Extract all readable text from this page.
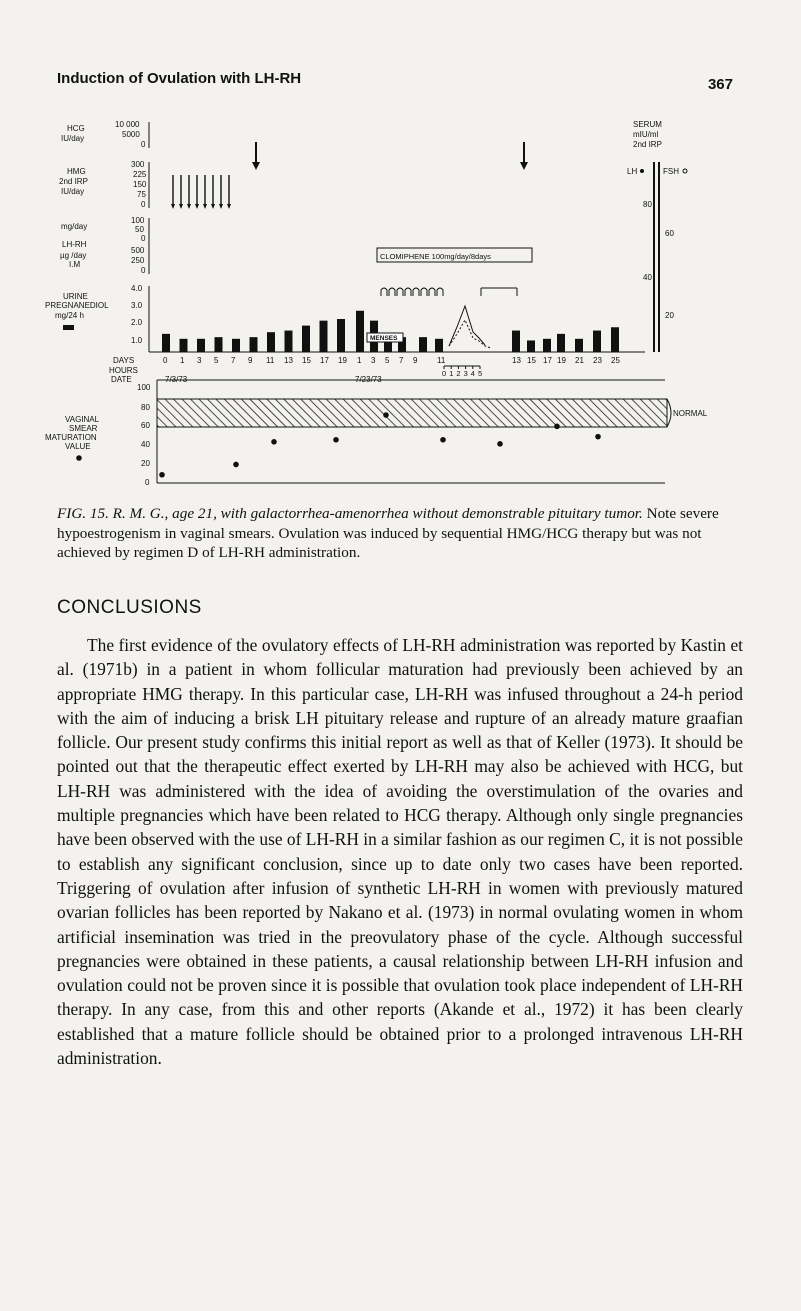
Induction of Ovulation with LH-RH	367
HCG
IU/day
HMG
2nd IRP
IU/day
mg/day
LH-RH
µg /day
I.M
URINE
PREGNANEDIOL
mg/24 h
10 000
5000
0
300
225
150
75
0
100
50
0
500
250
0
CLOMIPHENE 100mg/day/8days
4.0
3.0
2.0
1.0	MENSES
SERUM
mIU/ml
2nd IRP
LH	FSH
80
40
60
20
DAYS
HOURS
DATE
0 1 3 5 7 9 11 13 15 17 19 1 3 5 7 9 11	13 15 17 19 21 23 25
0 1 2 3 4 5
7/3/73	7/23/73
VAGINAL
SMEAR
MATURATION
VALUE
100
80
60
40
20
0
NORMAL
FIG. 15. R. M. G., age 21, with galactorrhea-amenorrhea without demonstrable pituitary tumor. Note severe hypoestrogenism in vaginal smears. Ovulation was induced by sequential HMG/HCG therapy but was not achieved by regimen D of LH-RH administration.
CONCLUSIONS

The first evidence of the ovulatory effects of LH-RH administration was reported by Kastin et al. (1971b) in a patient in whom follicular maturation had previously been achieved by an appropriate HMG therapy. In this particular case, LH-RH was infused throughout a 24-h period with the aim of inducing a brisk LH pituitary release and rupture of an already mature graafian follicle. Our present study confirms this initial report as well as that of Keller (1973). It should be pointed out that the therapeutic effect exerted by LH-RH may also be achieved with HCG, but LH-RH was administered with the idea of avoiding the overstimulation of the ovaries and multiple pregnancies which have been related to HCG therapy. Although only single pregnancies have been observed with the use of LH-RH in a similar fashion as our regimen C, it is not possible to establish any significant conclusion, since up to date only two cases have been reported. Triggering of ovulation after infusion of synthetic LH-RH in women with previously matured ovarian follicles has been reported by Nakano et al. (1973) in normal ovulating women in whom artificial insemination was tried in the preovulatory phase of the cycle. Although successful pregnancies were obtained in these patients, a causal relationship between LH-RH infusion and ovulation could not be proven since it is possible that ovulation took place independent of LH-RH therapy. In any case, from this and other reports (Akande et al., 1972) it has been clearly established that a mature follicle should be obtained prior to a prolonged intravenous LH-RH administration.
